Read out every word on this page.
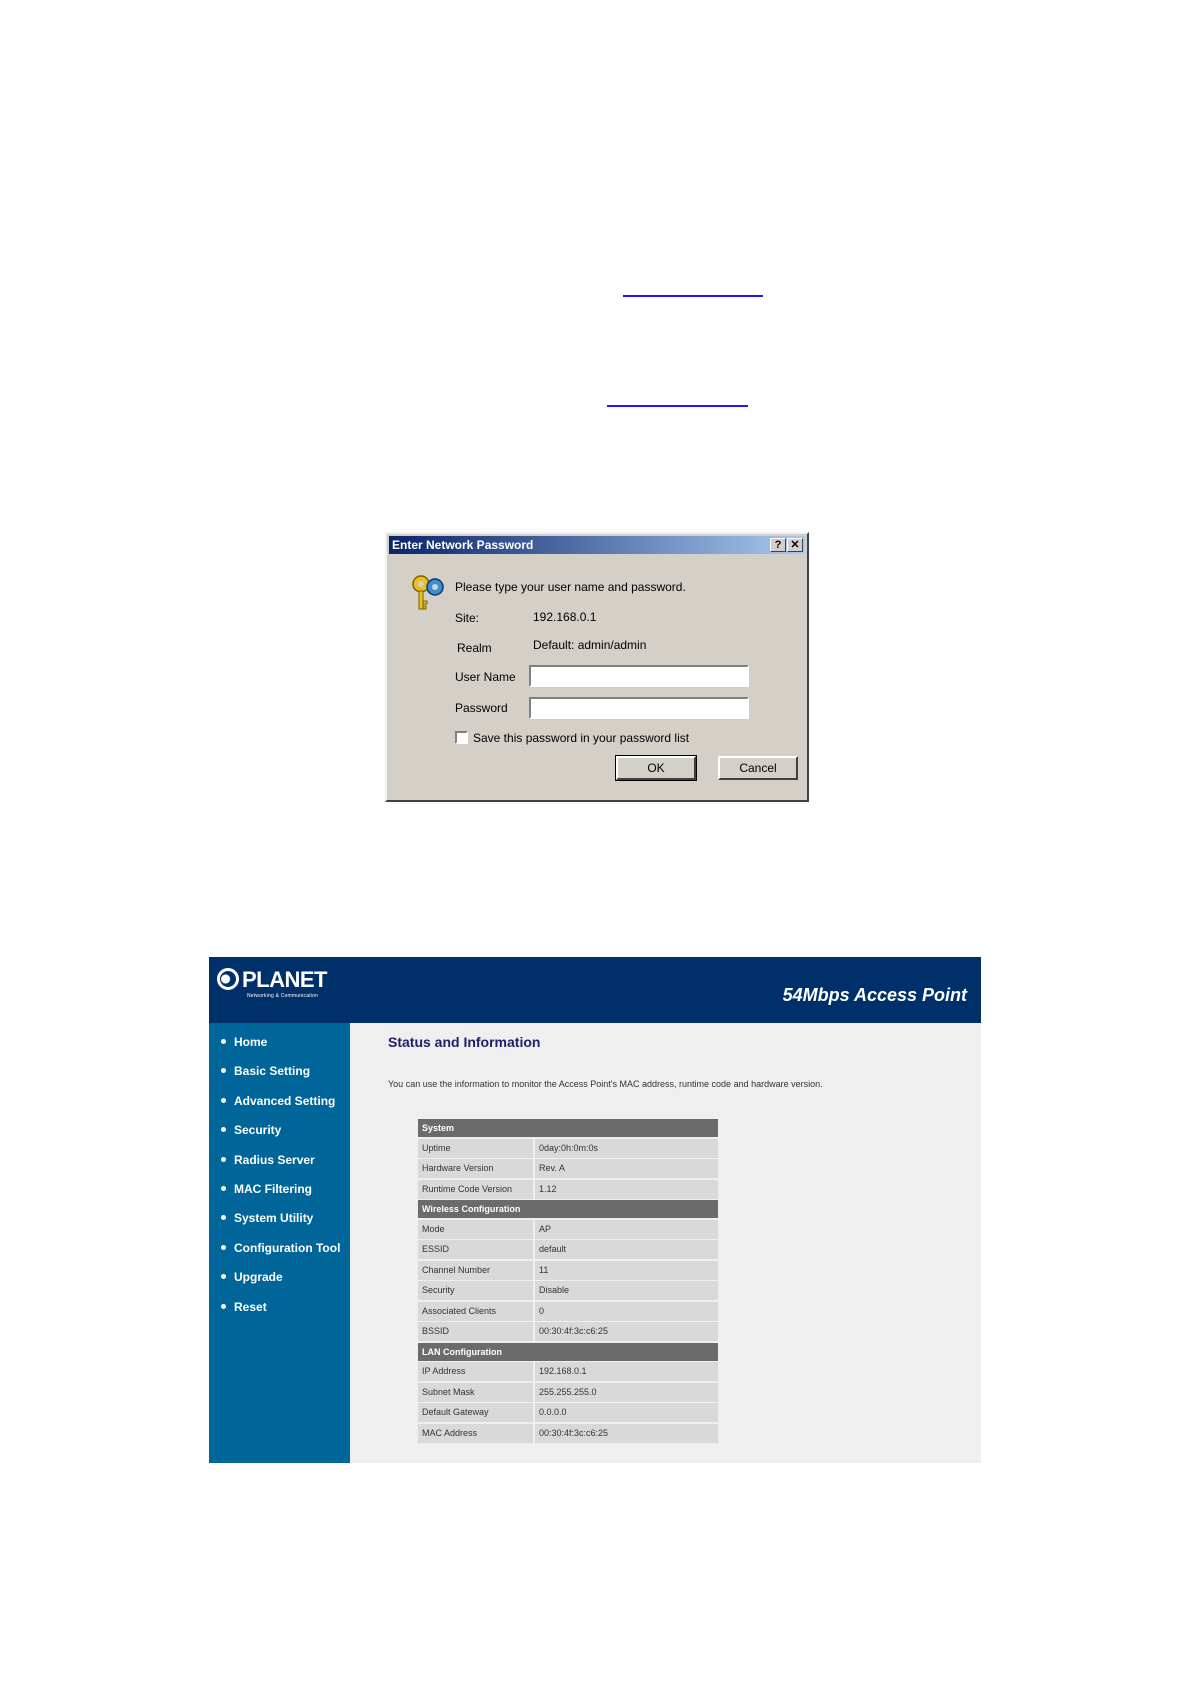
Enter Network Password	? ✕
Please type your user name and password.
Site:	192.168.0.1
Realm	Default: admin/admin
User Name
Password
Save this password in your password list
OK	Cancel
PLANET
Networking & Communication	54Mbps Access Point
Home
Basic Setting
Advanced Setting
Security
Radius Server
MAC Filtering
System Utility
Configuration Tool
Upgrade
Reset
Status and Information
You can use the information to monitor the Access Point's MAC address, runtime code and hardware version.
System
Uptime	0day:0h:0m:0s
Hardware Version	Rev. A
Runtime Code Version	1.12
Wireless Configuration
Mode	AP
ESSID	default
Channel Number	11
Security	Disable
Associated Clients	0
BSSID	00:30:4f:3c:c6:25
LAN Configuration
IP Address	192.168.0.1
Subnet Mask	255.255.255.0
Default Gateway	0.0.0.0
MAC Address	00:30:4f:3c:c6:25
